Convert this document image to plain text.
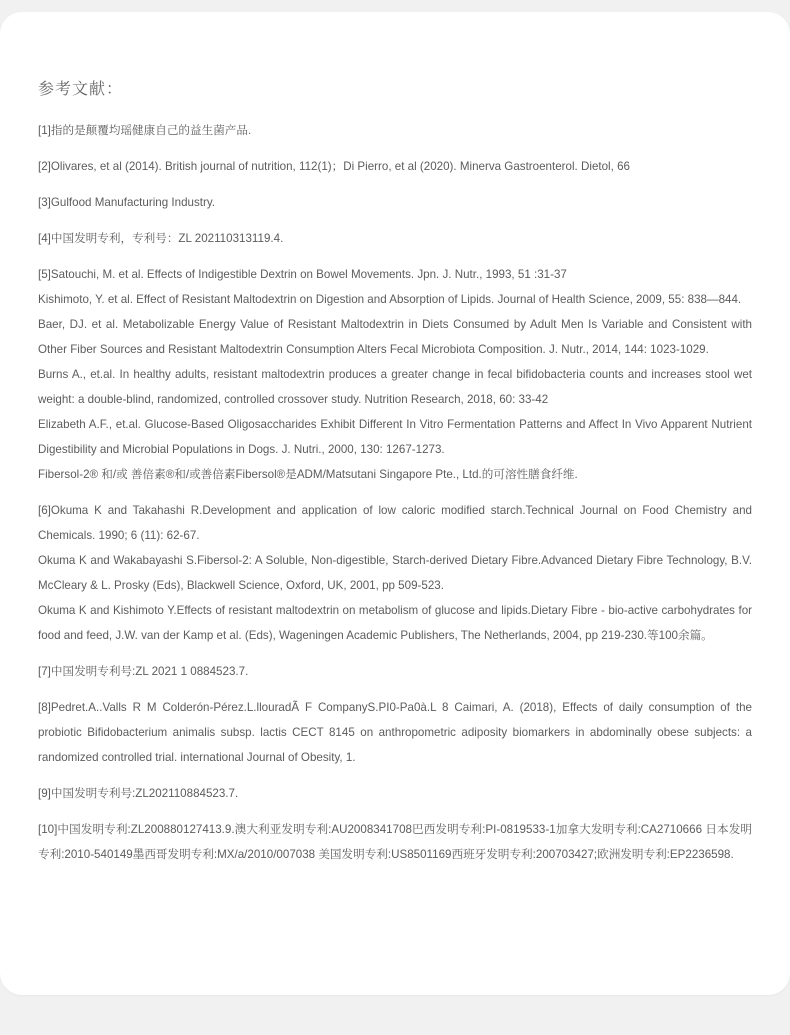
参考文献：
[1]指的是颠覆均瑶健康自己的益生菌产品.
[2]Olivares, et al (2014). British journal of nutrition, 112(1)；Di Pierro, et al (2020). Minerva Gastroenterol. Dietol, 66
[3]Gulfood Manufacturing Industry.
[4]中国发明专利，专利号：ZL 202110313119.4.
[5]Satouchi, M. et al. Effects of Indigestible Dextrin on Bowel Movements. Jpn. J. Nutr., 1993, 51 :31-37
Kishimoto, Y. et al. Effect of Resistant Maltodextrin on Digestion and Absorption of Lipids. Journal of Health Science, 2009, 55: 838—844.
Baer, DJ. et al. Metabolizable Energy Value of Resistant Maltodextrin in Diets Consumed by Adult Men Is Variable and Consistent with Other Fiber Sources and Resistant Maltodextrin Consumption Alters Fecal Microbiota Composition. J. Nutr., 2014, 144: 1023-1029.
Burns A., et.al. In healthy adults, resistant maltodextrin produces a greater change in fecal bifidobacteria counts and increases stool wet weight: a double-blind, randomized, controlled crossover study. Nutrition Research, 2018, 60: 33-42
Elizabeth A.F., et.al. Glucose-Based Oligosaccharides Exhibit Different In Vitro Fermentation Patterns and Affect In Vivo Apparent Nutrient Digestibility and Microbial Populations in Dogs. J. Nutri., 2000, 130: 1267-1273.
Fibersol-2® 和/或 善倍素®和/或善倍素Fibersol®是ADM/Matsutani Singapore Pte., Ltd.的可溶性膳食纤维.
[6]Okuma K and Takahashi R.Development and application of low caloric modified starch.Technical Journal on Food Chemistry and Chemicals. 1990; 6 (11): 62-67.
Okuma K and Wakabayashi S.Fibersol-2: A Soluble, Non-digestible, Starch-derived Dietary Fibre.Advanced Dietary Fibre Technology, B.V. McCleary & L. Prosky (Eds), Blackwell Science, Oxford, UK, 2001, pp 509-523.
Okuma K and Kishimoto Y.Effects of resistant maltodextrin on metabolism of glucose and lipids.Dietary Fibre - bio-active carbohydrates for food and feed, J.W. van der Kamp et al. (Eds), Wageningen Academic Publishers, The Netherlands, 2004, pp 219-230.等100余篇。
[7]中国发明专利号:ZL 2021 1 0884523.7.
[8]Pedret.A..Valls R M Colderón-Pérez.L.llouradÃ F CompanyS.PI0-Pa0à.L 8 Caimari, A. (2018), Effects of daily consumption of the probiotic Bifidobacterium animalis subsp. lactis CECT 8145 on anthropometric adiposity biomarkers in abdominally obese subjects: a randomized controlled trial. international Journal of Obesity, 1.
[9]中国发明专利号:ZL202110884523.7.
[10]中国发明专利:ZL200880127413.9.澳大利亚发明专利:AU2008341708巴西发明专利:PI-0819533-1加拿大发明专利:CA2710666 日本发明专利:2010-540149墨西哥发明专利:MX/a/2010/007038 美国发明专利:US8501169西班牙发明专利:200703427;欧洲发明专利:EP2236598.
